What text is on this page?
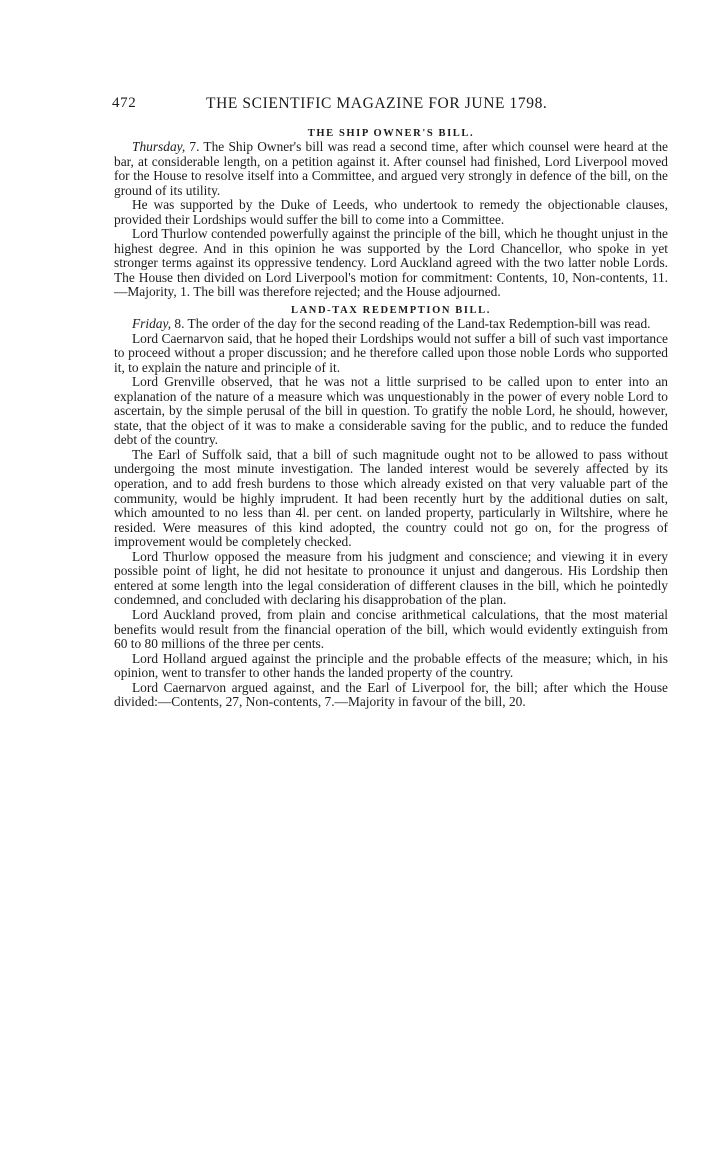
472	THE SCIENTIFIC MAGAZINE FOR JUNE 1798.
THE SHIP OWNER'S BILL.

Thursday, 7. The Ship Owner's bill was read a second time, after which counsel were heard at the bar, at considerable length, on a petition against it. After counsel had finished, Lord Liverpool moved for the House to resolve itself into a Committee, and argued very strongly in defence of the bill, on the ground of its utility.

He was supported by the Duke of Leeds, who undertook to remedy the objectionable clauses, provided their Lordships would suffer the bill to come into a Committee.

Lord Thurlow contended powerfully against the principle of the bill, which he thought unjust in the highest degree. And in this opinion he was supported by the Lord Chancellor, who spoke in yet stronger terms against its oppressive tendency. Lord Auckland agreed with the two latter noble Lords. The House then divided on Lord Liverpool's motion for commitment: Contents, 10, Non-contents, 11.—Majority, 1. The bill was therefore rejected; and the House adjourned.

LAND-TAX REDEMPTION BILL.

Friday, 8. The order of the day for the second reading of the Land-tax Redemption-bill was read.

Lord Caernarvon said, that he hoped their Lordships would not suffer a bill of such vast importance to proceed without a proper discussion; and he therefore called upon those noble Lords who supported it, to explain the nature and principle of it.

Lord Grenville observed, that he was not a little surprised to be called upon to enter into an explanation of the nature of a measure which was unquestionably in the power of every noble Lord to ascertain, by the simple perusal of the bill in question. To gratify the noble Lord, he should, however, state, that the object of it was to make a considerable saving for the public, and to reduce the funded debt of the country.

The Earl of Suffolk said, that a bill of such magnitude ought not to be allowed to pass without undergoing the most minute investigation. The landed interest would be severely affected by its operation, and to add fresh burdens to those which already existed on that very valuable part of the community, would be highly imprudent. It had been recently hurt by the additional duties on salt, which amounted to no less than 4l. per cent. on landed property, particularly in Wiltshire, where he resided. Were measures of this kind adopted, the country could not go on, for the progress of improvement would be completely checked.

Lord Thurlow opposed the measure from his judgment and conscience; and viewing it in every possible point of light, he did not hesitate to pronounce it unjust and dangerous. His Lordship then entered at some length into the legal consideration of different clauses in the bill, which he pointedly condemned, and concluded with declaring his disapprobation of the plan.

Lord Auckland proved, from plain and concise arithmetical calculations, that the most material benefits would result from the financial operation of the bill, which would evidently extinguish from 60 to 80 millions of the three per cents.

Lord Holland argued against the principle and the probable effects of the measure; which, in his opinion, went to transfer to other hands the landed property of the country.

Lord Caernarvon argued against, and the Earl of Liverpool for, the bill; after which the House divided:—Contents, 27, Non-contents, 7.—Majority in favour of the bill, 20.
